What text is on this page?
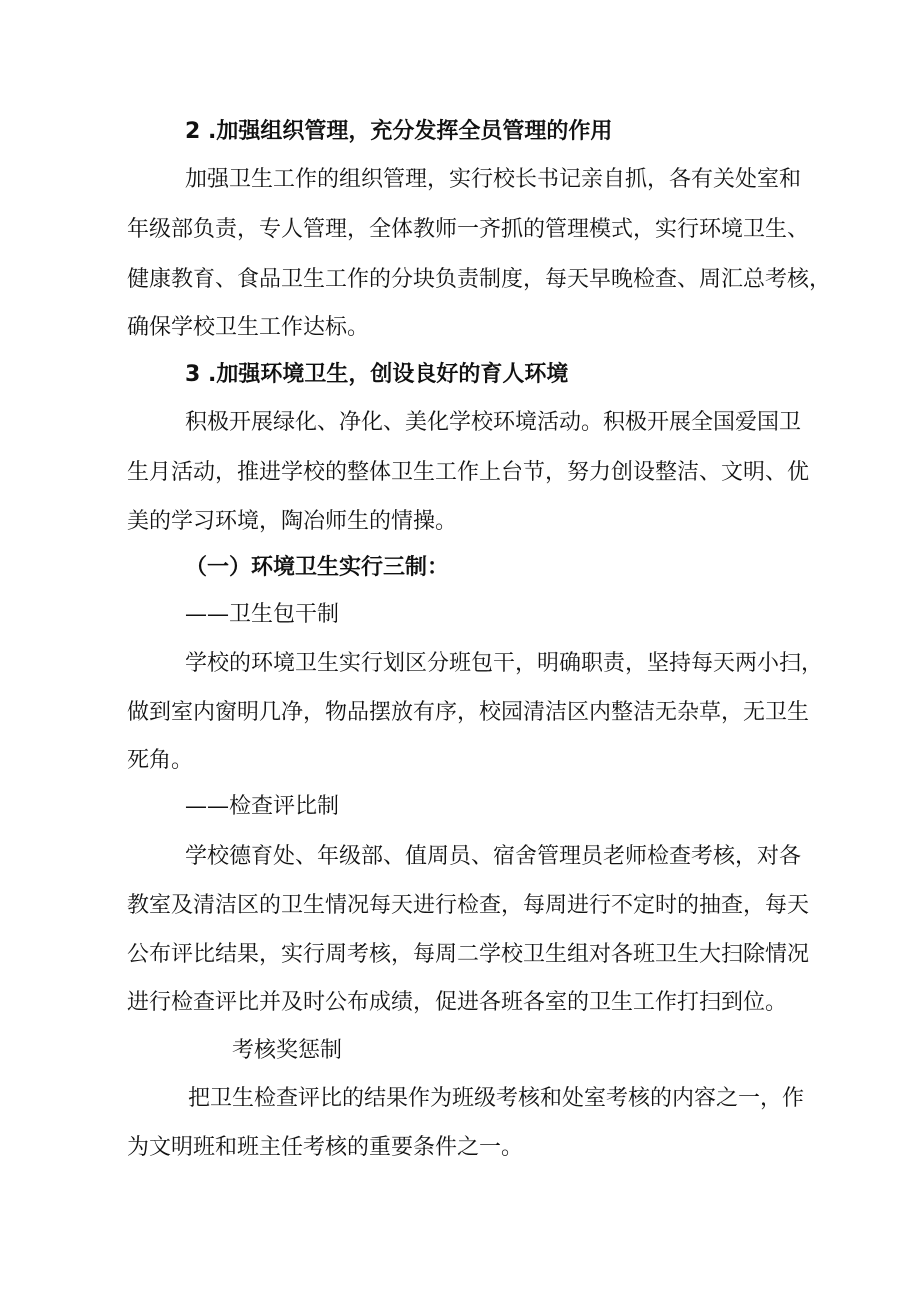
2 .加强组织管理，充分发挥全员管理的作用
加强卫生工作的组织管理，实行校长书记亲自抓，各有关处室和
年级部负责，专人管理，全体教师一齐抓的管理模式，实行环境卫生、
健康教育、食品卫生工作的分块负责制度，每天早晚检查、周汇总考核，
确保学校卫生工作达标。
3 .加强环境卫生，创设良好的育人环境
积极开展绿化、净化、美化学校环境活动。积极开展全国爱国卫
生月活动，推进学校的整体卫生工作上台节，努力创设整洁、文明、优
美的学习环境，陶冶师生的情操。
（一）环境卫生实行三制：
——卫生包干制
学校的环境卫生实行划区分班包干，明确职责，坚持每天两小扫，
做到室内窗明几净，物品摆放有序，校园清洁区内整洁无杂草，无卫生
死角。
——检查评比制
学校德育处、年级部、值周员、宿舍管理员老师检查考核，对各
教室及清洁区的卫生情况每天进行检查，每周进行不定时的抽查，每天
公布评比结果，实行周考核，每周二学校卫生组对各班卫生大扫除情况
进行检查评比并及时公布成绩，促进各班各室的卫生工作打扫到位。
考核奖惩制
把卫生检查评比的结果作为班级考核和处室考核的内容之一，作
为文明班和班主任考核的重要条件之一。
